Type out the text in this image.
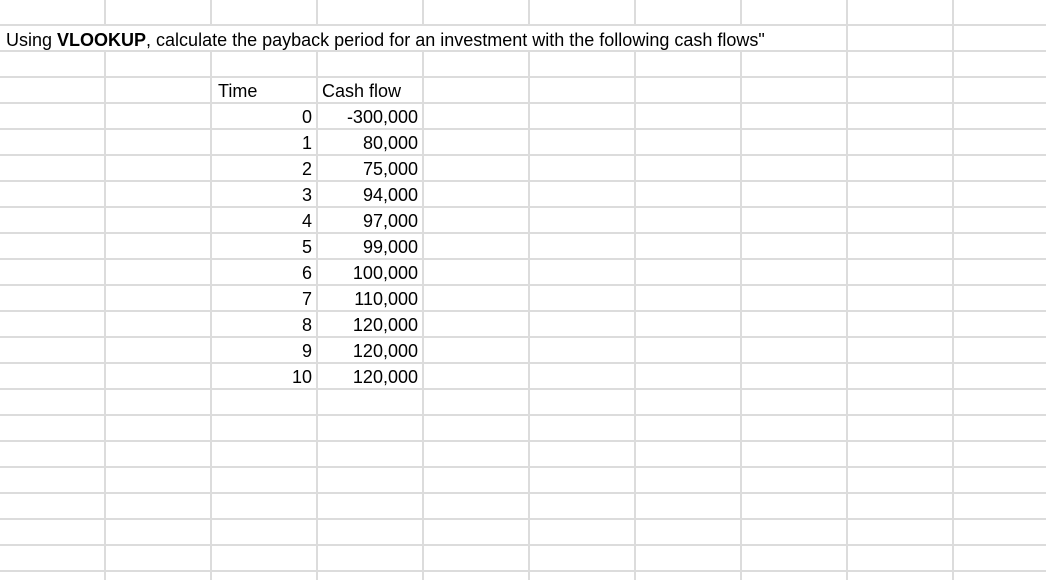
Using VLOOKUP, calculate the payback period for an investment with the following cash flows"
Time	Cash flow
0	-300,000
1	80,000
2	75,000
3	94,000
4	97,000
5	99,000
6	100,000
7	110,000
8	120,000
9	120,000
10	120,000
